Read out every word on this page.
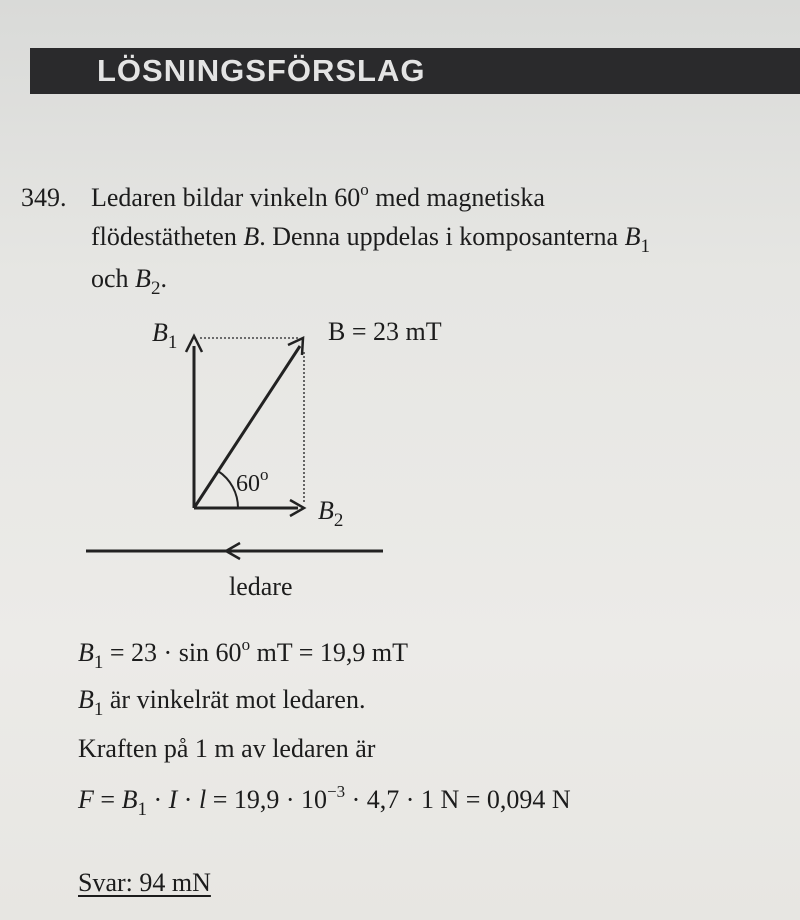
LÖSNINGSFÖRSLAG
349. Ledaren bildar vinkeln 60$^o$ med magnetiska
flödestätheten B. Denna uppdelas i komposanterna $B_1$
och $B_2$.
$B_1$	B = 23 mT
$B_2$
60$^o$
ledare
$B_1 = 23 \cdot \sin 60^o$ mT = 19,9 mT
$B_1$ är vinkelrät mot ledaren.
Kraften på 1 m av ledaren är
$F = B_1 \cdot I \cdot l = 19,9 \cdot 10^{-3} \cdot 4,7 \cdot 1$ N = 0,094 N
Svar: 94 mN
